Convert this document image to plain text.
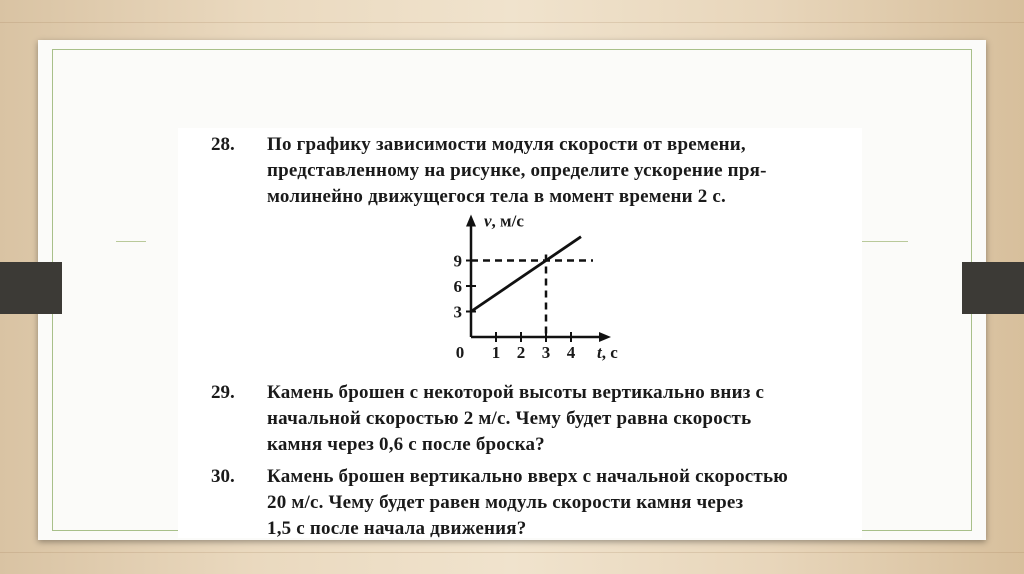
28. По графику зависимости модуля скорости от времени,
представленному на рисунке, определите ускорение пря-
молинейно движущегося тела в момент времени 2 с.
0 1 2 3 4
3
6
9
v, м/с
t, с
29. Камень брошен с некоторой высоты вертикально вниз с
начальной скоростью 2 м/с. Чему будет равна скорость
камня через 0,6 с после броска?
30. Камень брошен вертикально вверх с начальной скоростью
20 м/с. Чему будет равен модуль скорости камня через
1,5 с после начала движения?
